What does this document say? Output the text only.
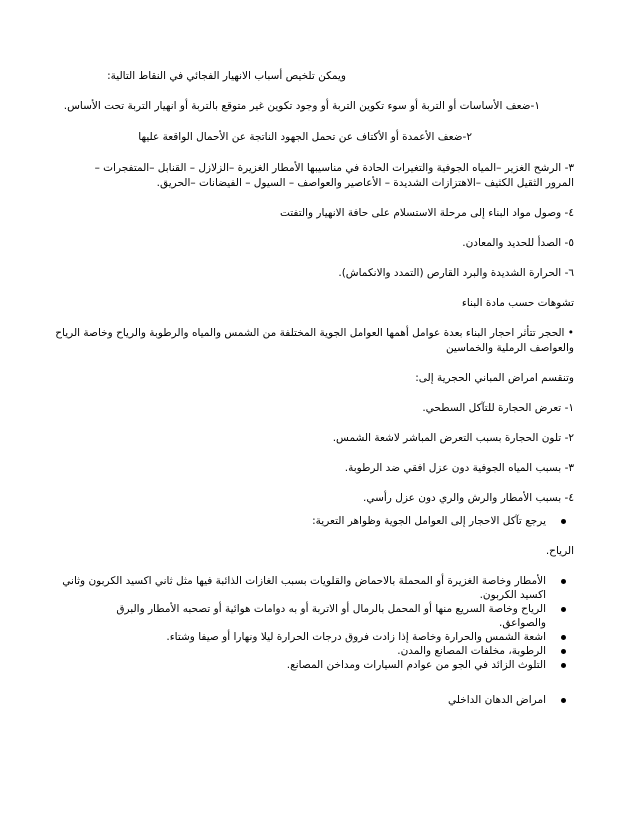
ويمكن تلخيص أسباب الانهيار الفجائي في النقاط التالية:
١-ضعف الأساسات أو التربة أو سوء تكوين التربة أو وجود تكوين غير متوقع بالتربة أو انهيار التربة تحت الأساس.
٢-ضعف الأعمدة أو الأكتاف عن تحمل الجهود الناتجة عن الأحمال الواقعة عليها
٣- الرشح الغزير –المياه الجوفية والتغيرات الحادة في مناسيبها الأمطار الغزيرة –الزلازل – القنابل –المتفجرات –
المرور الثقيل الكثيف –الاهتزازات الشديدة – الأعاصير والعواصف – السيول – الفيضانات –الحريق.
٤- وصول مواد البناء إلى مرحلة الاستسلام على حافة الانهيار والتفتت
٥- الصدأ للحديد والمعادن.
٦- الحرارة الشديدة والبرد القارص (التمدد والانكماش).
تشوهات حسب مادة البناء
• الحجر تتأثر احجار البناء بعدة عوامل أهمها العوامل الجوية المختلفة من الشمس والمياه والرطوبة والرياح وخاصة الرياح
والعواصف الرملية والخماسين
وتنقسم امراض المباني الحجرية إلى:
١- تعرض الحجارة للتآكل السطحي.
٢- تلون الحجارة بسبب التعرض المباشر لاشعة الشمس.
٣- بسبب المياه الجوفية دون عزل افقي ضد الرطوبة.
٤- بسبب الأمطار والرش والري دون عزل رأسي.
يرجع تآكل الاحجار إلى العوامل الجوية وظواهر التعرية:
الرياح.
الأمطار وخاصة الغزيرة أو المحملة بالاحماض والقلويات بسبب الغازات الذائبة فيها مثل ثاني اكسيد الكربون وثاني
اكسيد الكربون.
الرياح وخاصة السريع منها أو المحمل بالرمال أو الاتربة أو به دوامات هوائية أو تصحبه الأمطار والبرق
والصواعق.
اشعة الشمس والحرارة وخاصة إذا زادت فروق درجات الحرارة ليلا ونهارا أو صيفا وشتاء.
الرطوبة، مخلفات المصانع والمدن.
التلوث الزائد في الجو من عوادم السيارات ومداخن المصانع.
امراض الدهان الداخلي
